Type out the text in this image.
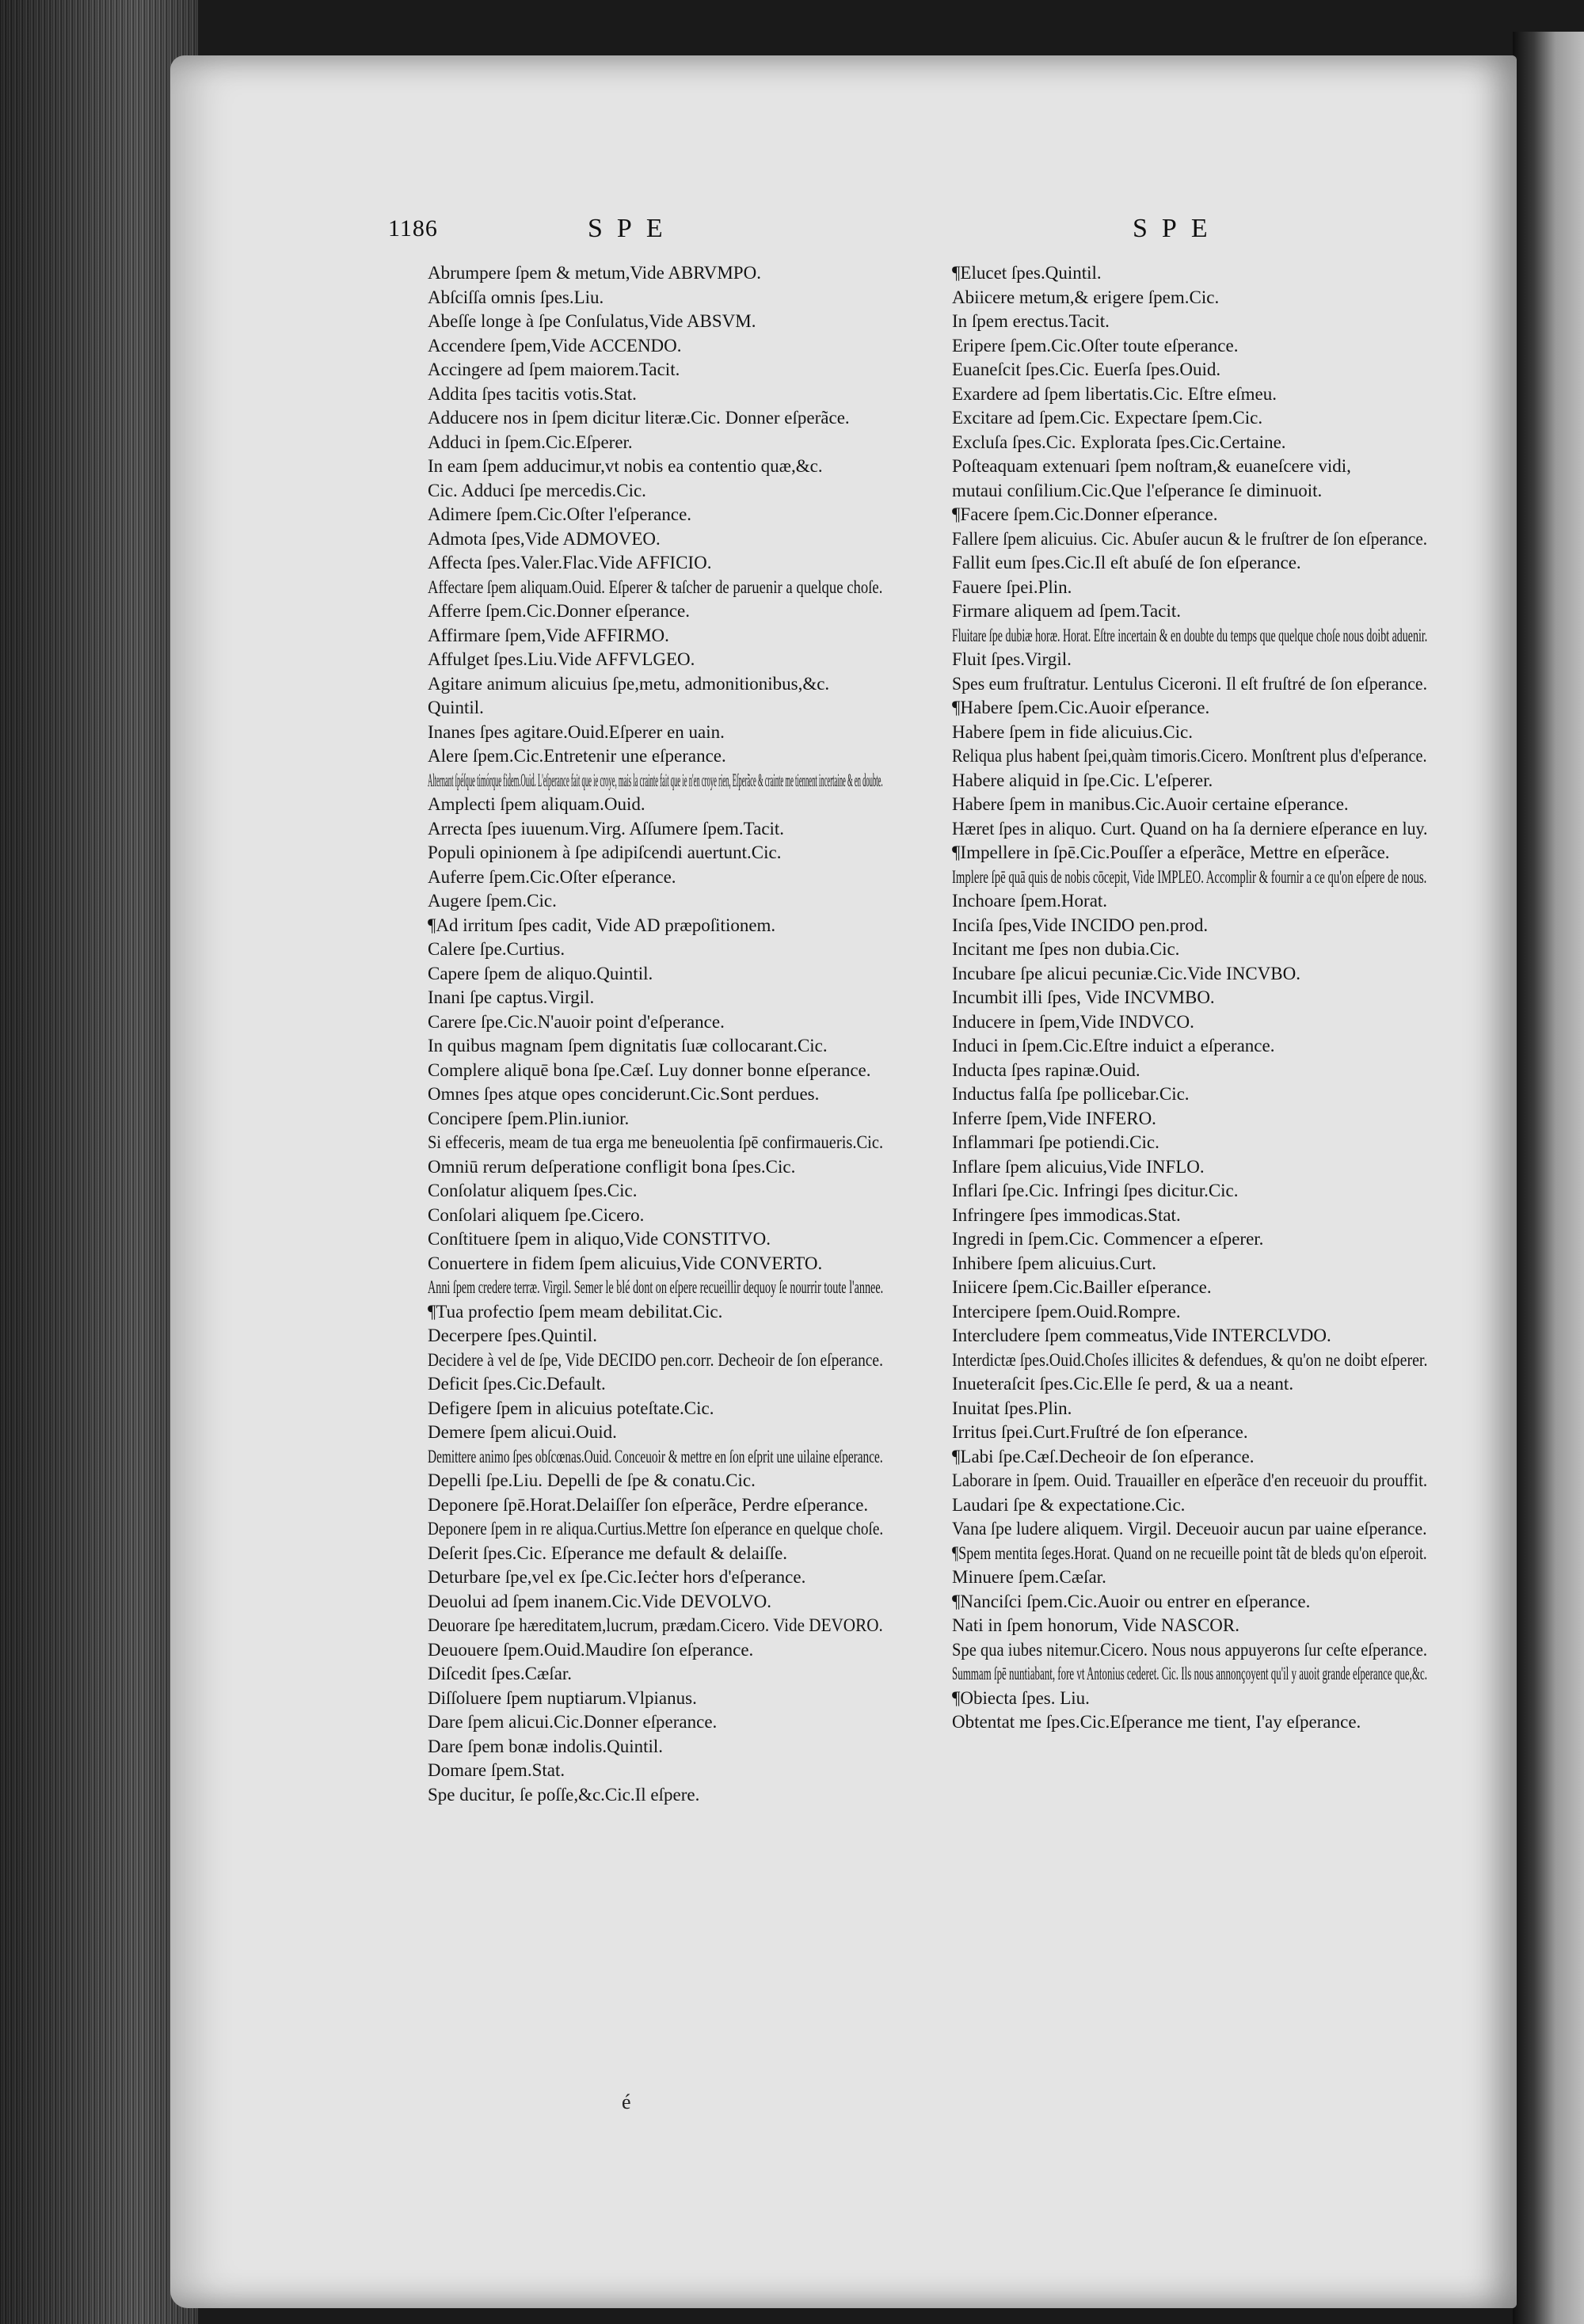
1186	SPE	SPE
Abrumpere ſpem & metum,Vide ABRVMPO.
Abſciſſa omnis ſpes.Liu.
Abeſſe longe à ſpe Conſulatus,Vide ABSVM.
Accendere ſpem,Vide ACCENDO.
Accingere ad ſpem maiorem.Tacit.
Addita ſpes tacitis votis.Stat.
Adducere nos in ſpem dicitur literæ.Cic. Donner eſperãce.
Adduci in ſpem.Cic.Eſperer.
In eam ſpem adducimur,vt nobis ea contentio quæ,&c.
Cic. Adduci ſpe mercedis.Cic.
Adimere ſpem.Cic.Oſter l'eſperance.
Admota ſpes,Vide ADMOVEO.
Affecta ſpes.Valer.Flac.Vide AFFICIO.
Affectare ſpem aliquam.Ouid. Eſperer & taſcher de paruenir a quelque choſe.
Afferre ſpem.Cic.Donner eſperance.
Affirmare ſpem,Vide AFFIRMO.
Affulget ſpes.Liu.Vide AFFVLGEO.
Agitare animum alicuius ſpe,metu, admonitionibus,&c.
Quintil.
Inanes ſpes agitare.Ouid.Eſperer en uain.
Alere ſpem.Cic.Entretenir une eſperance.
Alternant ſpéſque timórque fidem.Ouid. L'eſperance fait que ie croye, mais la crainte fait que ie n'en croye rien, Eſperãce & crainte me tiennent incertaine & en doubte.
Amplecti ſpem aliquam.Ouid.
Arrecta ſpes iuuenum.Virg. Aſſumere ſpem.Tacit.
Populi opinionem à ſpe adipiſcendi auertunt.Cic.
Auferre ſpem.Cic.Oſter eſperance.
Augere ſpem.Cic.
¶Ad irritum ſpes cadit, Vide AD præpoſitionem.
Calere ſpe.Curtius.
Capere ſpem de aliquo.Quintil.
Inani ſpe captus.Virgil.
Carere ſpe.Cic.N'auoir point d'eſperance.
In quibus magnam ſpem dignitatis ſuæ collocarant.Cic.
Complere aliquē bona ſpe.Cæſ. Luy donner bonne eſperance.
Omnes ſpes atque opes conciderunt.Cic.Sont perdues.
Concipere ſpem.Plin.iunior.
Si effeceris, meam de tua erga me beneuolentia ſpē confirmaueris.Cic.
Omniū rerum deſperatione confligit bona ſpes.Cic.
Conſolatur aliquem ſpes.Cic.
Conſolari aliquem ſpe.Cicero.
Conſtituere ſpem in aliquo,Vide CONSTITVO.
Conuertere in fidem ſpem alicuius,Vide CONVERTO.
Anni ſpem credere terræ. Virgil. Semer le blé dont on eſpere recueillir dequoy ſe nourrir toute l'annee.
¶Tua profectio ſpem meam debilitat.Cic.
Decerpere ſpes.Quintil.
Decidere à vel de ſpe, Vide DECIDO pen.corr. Decheoir de ſon eſperance.
Deficit ſpes.Cic.Default.
Defigere ſpem in alicuius poteſtate.Cic.
Demere ſpem alicui.Ouid.
Demittere animo ſpes obſcœnas.Ouid. Conceuoir & mettre en ſon eſprit une uilaine eſperance.
Depelli ſpe.Liu. Depelli de ſpe & conatu.Cic.
Deponere ſpē.Horat.Delaiſſer ſon eſperãce, Perdre eſperance.
Deponere ſpem in re aliqua.Curtius.Mettre ſon eſperance en quelque choſe.
Deſerit ſpes.Cic. Eſperance me default & delaiſſe.
Deturbare ſpe,vel ex ſpe.Cic.Ieċter hors d'eſperance.
Deuolui ad ſpem inanem.Cic.Vide DEVOLVO.
Deuorare ſpe hæreditatem,lucrum, prædam.Cicero. Vide DEVORO.
Deuouere ſpem.Ouid.Maudire ſon eſperance.
Diſcedit ſpes.Cæſar.
Diſſoluere ſpem nuptiarum.Vlpianus.
Dare ſpem alicui.Cic.Donner eſperance.
Dare ſpem bonæ indolis.Quintil.
Domare ſpem.Stat.
Spe ducitur, ſe poſſe,&c.Cic.Il eſpere.
¶Elucet ſpes.Quintil.
Abiicere metum,& erigere ſpem.Cic.
In ſpem erectus.Tacit.
Eripere ſpem.Cic.Oſter toute eſperance.
Euaneſcit ſpes.Cic. Euerſa ſpes.Ouid.
Exardere ad ſpem libertatis.Cic. Eſtre eſmeu.
Excitare ad ſpem.Cic. Expectare ſpem.Cic.
Excluſa ſpes.Cic. Explorata ſpes.Cic.Certaine.
Poſteaquam extenuari ſpem noſtram,& euaneſcere vidi,
mutaui conſilium.Cic.Que l'eſperance ſe diminuoit.
¶Facere ſpem.Cic.Donner eſperance.
Fallere ſpem alicuius. Cic. Abuſer aucun & le fruſtrer de ſon eſperance.
Fallit eum ſpes.Cic.Il eſt abuſé de ſon eſperance.
Fauere ſpei.Plin.
Firmare aliquem ad ſpem.Tacit.
Fluitare ſpe dubiæ horæ. Horat. Eſtre incertain & en doubte du temps que quelque choſe nous doibt aduenir.
Fluit ſpes.Virgil.
Spes eum fruſtratur. Lentulus Ciceroni. Il eſt fruſtré de ſon eſperance.
¶Habere ſpem.Cic.Auoir eſperance.
Habere ſpem in fide alicuius.Cic.
Reliqua plus habent ſpei,quàm timoris.Cicero. Monſtrent plus d'eſperance.
Habere aliquid in ſpe.Cic. L'eſperer.
Habere ſpem in manibus.Cic.Auoir certaine eſperance.
Hæret ſpes in aliquo. Curt. Quand on ha ſa derniere eſperance en luy.
¶Impellere in ſpē.Cic.Pouſſer a eſperãce, Mettre en eſperãce.
Implere ſpē quā quis de nobis cōcepit, Vide IMPLEO. Accomplir & fournir a ce qu'on eſpere de nous.
Inchoare ſpem.Horat.
Inciſa ſpes,Vide INCIDO pen.prod.
Incitant me ſpes non dubia.Cic.
Incubare ſpe alicui pecuniæ.Cic.Vide INCVBO.
Incumbit illi ſpes, Vide INCVMBO.
Inducere in ſpem,Vide INDVCO.
Induci in ſpem.Cic.Eſtre induict a eſperance.
Inducta ſpes rapinæ.Ouid.
Inductus falſa ſpe pollicebar.Cic.
Inferre ſpem,Vide INFERO.
Inflammari ſpe potiendi.Cic.
Inflare ſpem alicuius,Vide INFLO.
Inflari ſpe.Cic. Infringi ſpes dicitur.Cic.
Infringere ſpes immodicas.Stat.
Ingredi in ſpem.Cic. Commencer a eſperer.
Inhibere ſpem alicuius.Curt.
Iniicere ſpem.Cic.Bailler eſperance.
Intercipere ſpem.Ouid.Rompre.
Intercludere ſpem commeatus,Vide INTERCLVDO.
Interdictæ ſpes.Ouid.Choſes illicites & defendues, & qu'on ne doibt eſperer.
Inueteraſcit ſpes.Cic.Elle ſe perd, & ua a neant.
Inuitat ſpes.Plin.
Irritus ſpei.Curt.Fruſtré de ſon eſperance.
¶Labi ſpe.Cæſ.Decheoir de ſon eſperance.
Laborare in ſpem. Ouid. Trauailler en eſperãce d'en receuoir du prouffit.
Laudari ſpe & expectatione.Cic.
Vana ſpe ludere aliquem. Virgil. Deceuoir aucun par uaine eſperance.
¶Spem mentita ſeges.Horat. Quand on ne recueille point tãt de bleds qu'on eſperoit.
Minuere ſpem.Cæſar.
¶Nanciſci ſpem.Cic.Auoir ou entrer en eſperance.
Nati in ſpem honorum, Vide NASCOR.
Spe qua iubes nitemur.Cicero. Nous nous appuyerons ſur ceſte eſperance.
Summam ſpē nuntiabant, fore vt Antonius cederet. Cic. Ils nous annonçoyent qu'il y auoit grande eſperance que,&c.
¶Obiecta ſpes. Liu.
Obtentat me ſpes.Cic.Eſperance me tient, I'ay eſperance.
é
